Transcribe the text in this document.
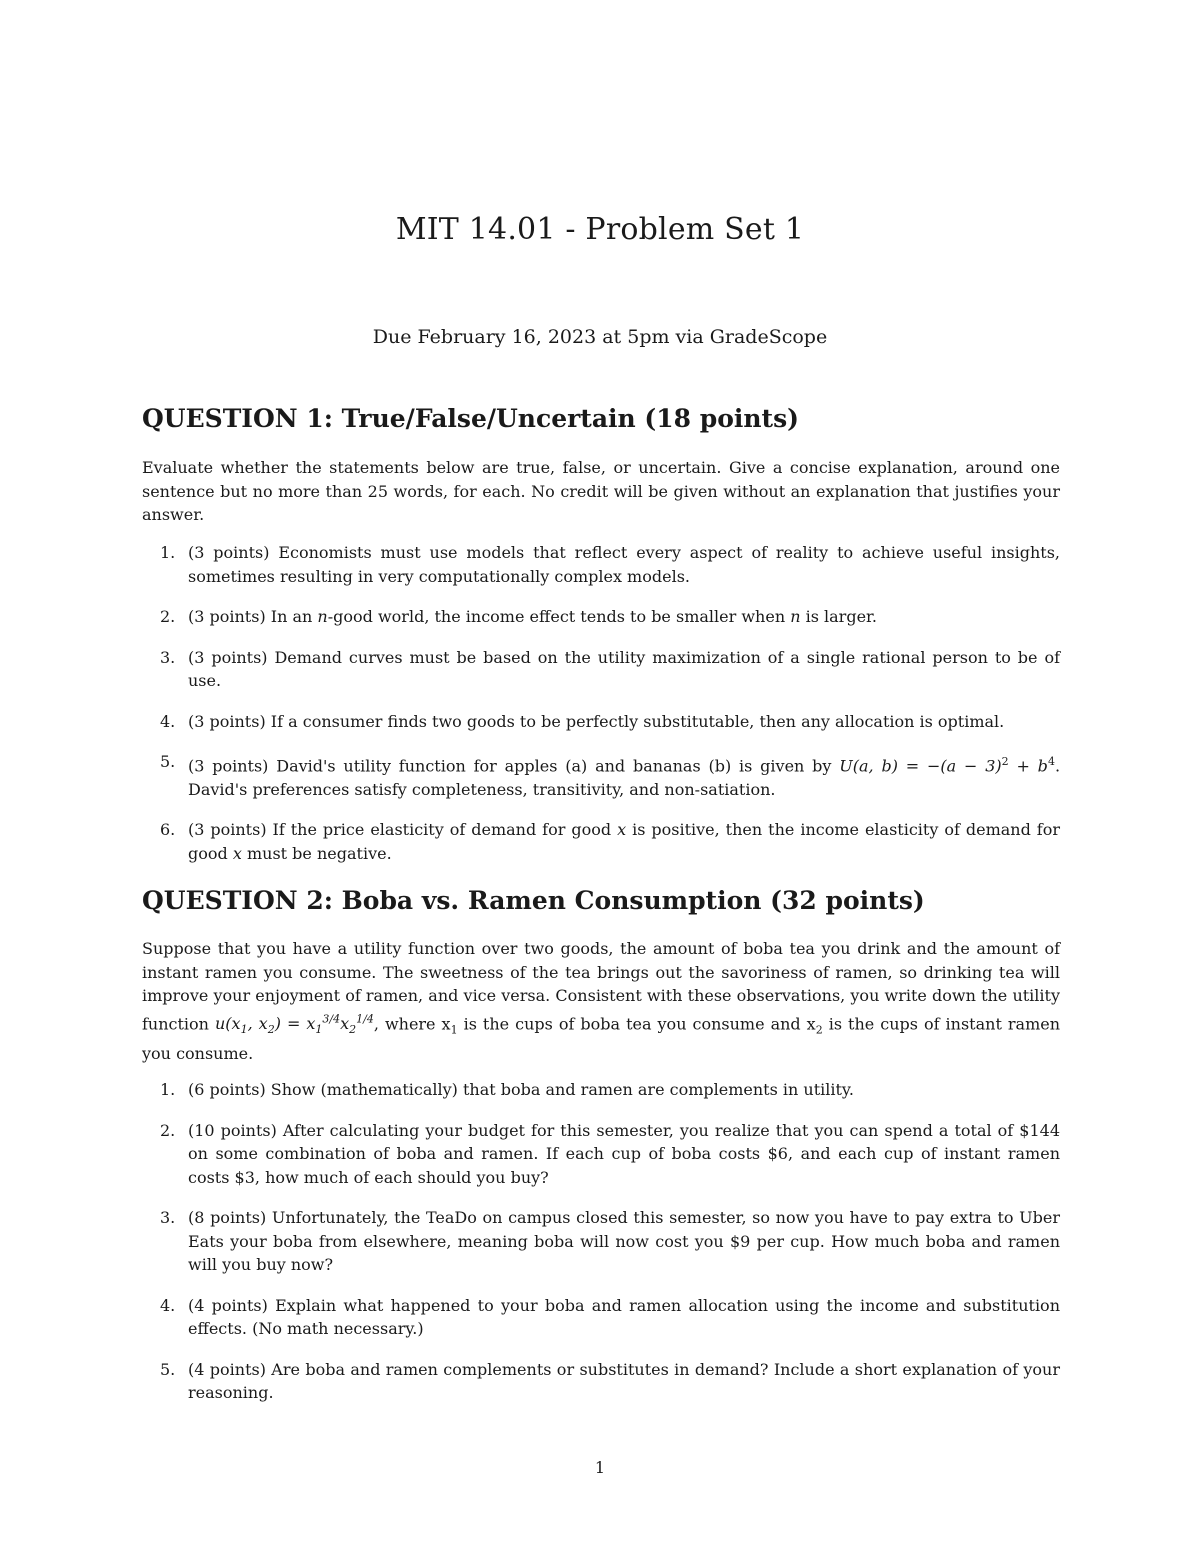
MIT 14.01 - Problem Set 1

Due February 16, 2023 at 5pm via GradeScope

QUESTION 1: True/False/Uncertain (18 points)

Evaluate whether the statements below are true, false, or uncertain. Give a concise explanation, around one sentence but no more than 25 words, for each. No credit will be given without an explanation that justifies your answer.

1. (3 points) Economists must use models that reflect every aspect of reality to achieve useful insights, sometimes resulting in very computationally complex models.
2. (3 points) In an n-good world, the income effect tends to be smaller when n is larger.
3. (3 points) Demand curves must be based on the utility maximization of a single rational person to be of use.
4. (3 points) If a consumer finds two goods to be perfectly substitutable, then any allocation is optimal.
5. (3 points) David's utility function for apples (a) and bananas (b) is given by U(a, $b) = -(a - 3)^2 + b^4$. David's preferences satisfy completeness, transitivity, and non-satiation.
6. (3 points) If the price elasticity of demand for good x is positive, then the income elasticity of demand for good x must be negative.
QUESTION 2: Boba vs. Ramen Consumption (32 points)

Suppose that you have a utility function over two goods, the amount of boba tea you drink and the amount of instant ramen you consume. The sweetness of the tea brings out the savoriness of ramen, so drinking tea will improve your enjoyment of ramen, and vice versa. Consistent with these observations, you write down the utility function $u(x_1$, $x_2) = x_1^{3/4}x_2^{1/4}$, where $x_1$ is the cups of boba tea you consume and $x_2$ is the cups of instant ramen you consume.

1. (6 points) Show (mathematically) that boba and ramen are complements in utility.
2. (10 points) After calculating your budget for this semester, you realize that you can spend a total of $144 on some combination of boba and ramen. If each cup of boba costs $6, and each cup of instant ramen costs $3, how much of each should you buy?
3. (8 points) Unfortunately, the TeaDo on campus closed this semester, so now you have to pay extra to Uber Eats your boba from elsewhere, meaning boba will now cost you $9 per cup. How much boba and ramen will you buy now?
4. (4 points) Explain what happened to your boba and ramen allocation using the income and substitution effects. (No math necessary.)
5. (4 points) Are boba and ramen complements or substitutes in demand? Include a short explanation of your reasoning.

1
